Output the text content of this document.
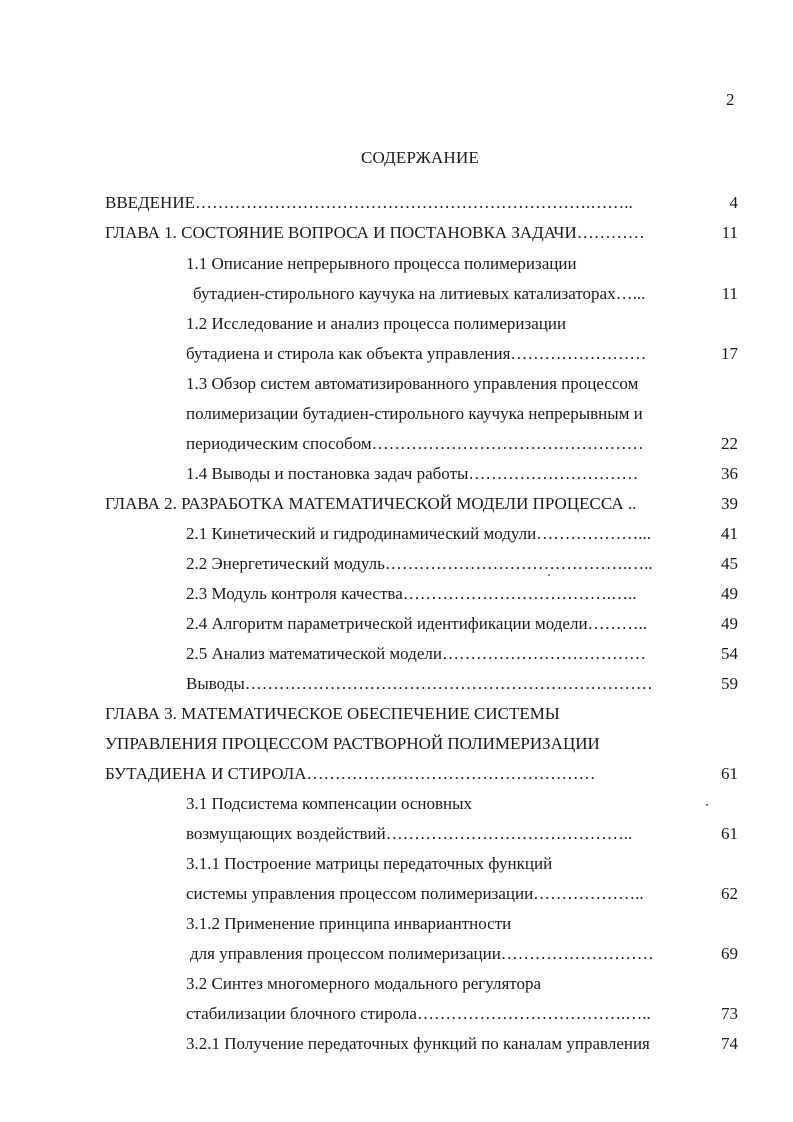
2
СОДЕРЖАНИЕ
ВВЕДЕНИЕ…………………………………………………………….……..	4
ГЛАВА 1. СОСТОЯНИЕ ВОПРОСА И ПОСТАНОВКА ЗАДАЧИ…………	11
1.1 Описание непрерывного процесса полимеризации
бутадиен-стирольного каучука на литиевых катализаторах…...	11
1.2 Исследование и анализ процесса полимеризации
бутадиена и стирола как объекта управления……………………	17
1.3 Обзор систем автоматизированного управления процессом
полимеризации бутадиен-стирольного каучука непрерывным и
периодическим способом…………………………………………	22
1.4 Выводы и постановка задач работы…………………………	36
ГЛАВА 2. РАЗРАБОТКА МАТЕМАТИЧЕСКОЙ МОДЕЛИ ПРОЦЕССА ..	39
2.1 Кинетический и гидродинамический модули………………...	41
2.2 Энергетический модуль…………………………………….…..	45
2.3 Модуль контроля качества……………………………….…..	49
2.4 Алгоритм параметрической идентификации модели………..	49
2.5 Анализ математической модели………………………………	54
Выводы………………………………………………………………	59
ГЛАВА 3. МАТЕМАТИЧЕСКОЕ ОБЕСПЕЧЕНИЕ СИСТЕМЫ
УПРАВЛЕНИЯ ПРОЦЕССОМ РАСТВОРНОЙ ПОЛИМЕРИЗАЦИИ
БУТАДИЕНА И СТИРОЛА……………………………………………	61
3.1 Подсистема компенсации основных
возмущающих воздействий……………………………………..	61
3.1.1 Построение матрицы передаточных функций
системы управления процессом полимеризации………………..	62
3.1.2 Применение принципа инвариантности
для управления процессом полимеризации………………………	69
3.2 Синтез многомерного модального регулятора
стабилизации блочного стирола……………………………….…..	73
3.2.1 Получение передаточных функций по каналам управления	74
